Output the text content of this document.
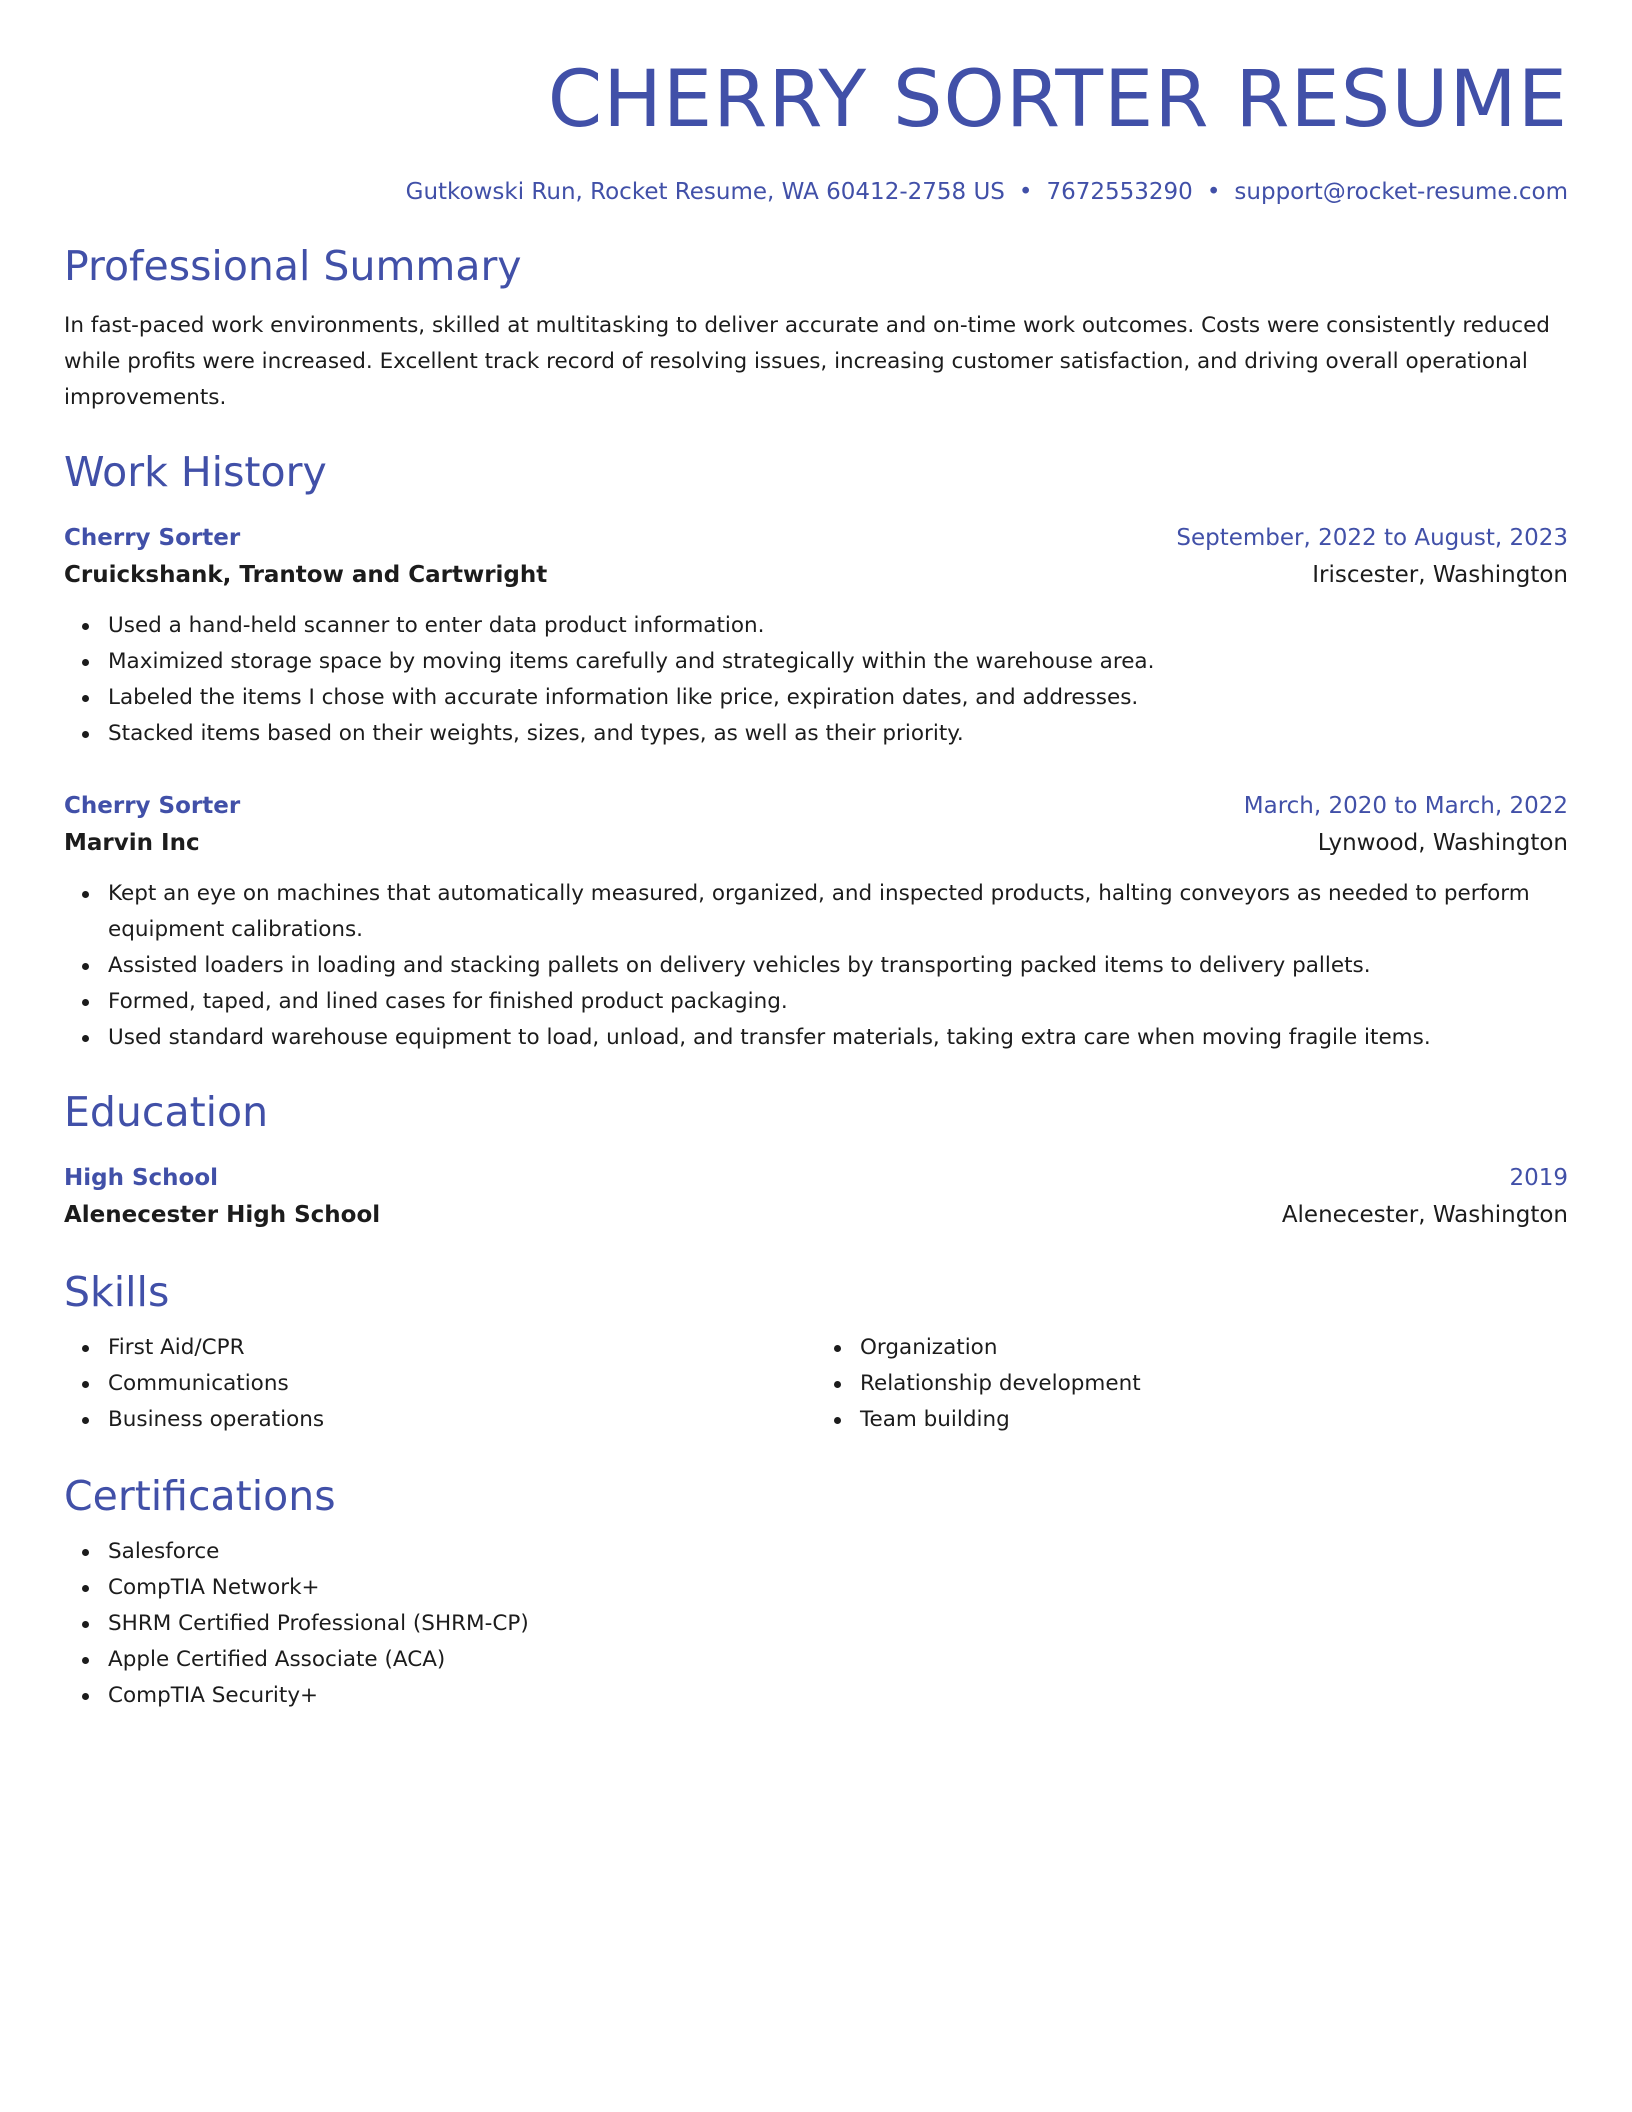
CHERRY SORTER RESUME
Gutkowski Run, Rocket Resume, WA 60412-2758 US • 7672553290 • support@rocket-resume.com
Professional Summary

In fast-paced work environments, skilled at multitasking to deliver accurate and on-time work outcomes. Costs were consistently reduced while profits were increased. Excellent track record of resolving issues, increasing customer satisfaction, and driving overall operational improvements.

Work History
Cherry Sorter	September, 2022 to August, 2023
Cruickshank, Trantow and Cartwright	Iriscester, Washington
Used a hand-held scanner to enter data product information.
Maximized storage space by moving items carefully and strategically within the warehouse area.
Labeled the items I chose with accurate information like price, expiration dates, and addresses.
Stacked items based on their weights, sizes, and types, as well as their priority.
Cherry Sorter	March, 2020 to March, 2022
Marvin Inc	Lynwood, Washington
Kept an eye on machines that automatically measured, organized, and inspected products, halting conveyors as needed to perform equipment calibrations.
Assisted loaders in loading and stacking pallets on delivery vehicles by transporting packed items to delivery pallets.
Formed, taped, and lined cases for finished product packaging.
Used standard warehouse equipment to load, unload, and transfer materials, taking extra care when moving fragile items.
Education
High School	2019
Alenecester High School	Alenecester, Washington
Skills
First Aid/CPR
Communications
Business operations
Organization
Relationship development
Team building
Certifications
Salesforce
CompTIA Network+
SHRM Certified Professional (SHRM-CP)
Apple Certified Associate (ACA)
CompTIA Security+
